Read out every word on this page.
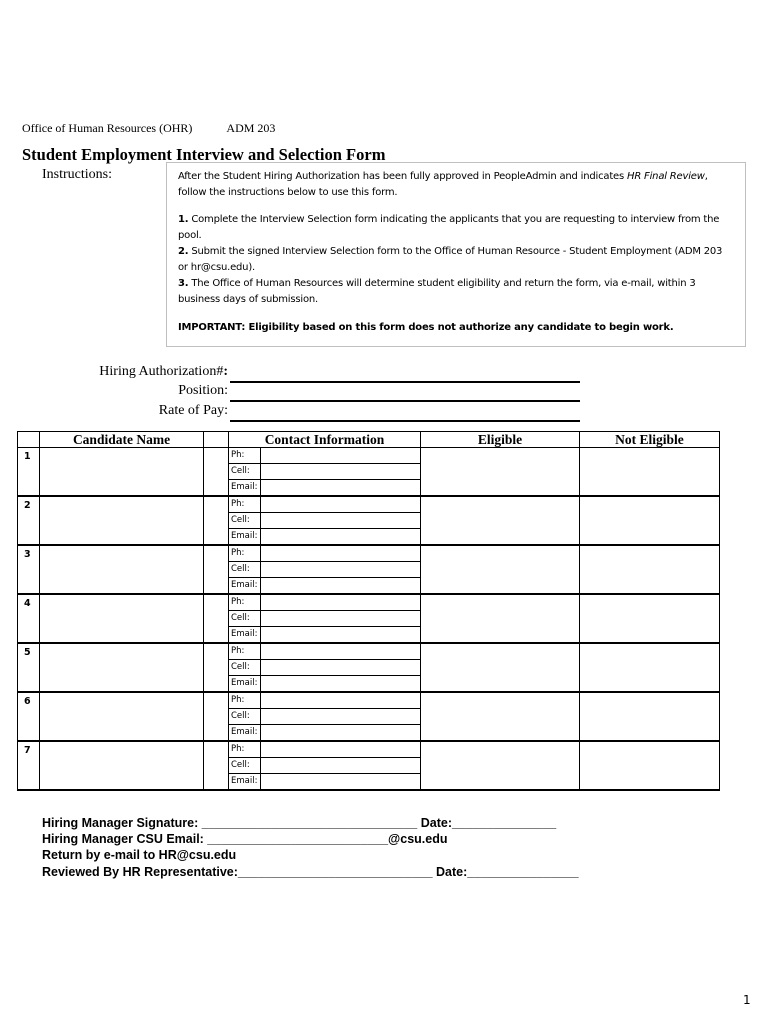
Office of Human Resources (OHR)	ADM 203
Student Employment Interview and Selection Form
Instructions:	After the Student Hiring Authorization has been fully approved in PeopleAdmin and indicates HR Final Review, follow the instructions below to use this form.

1. Complete the Interview Selection form indicating the applicants that you are requesting to interview from the pool.

2. Submit the signed Interview Selection form to the Office of Human Resource - Student Employment (ADM 203 or hr@csu.edu).

3. The Office of Human Resources will determine student eligibility and return the form, via e-mail, within 3 business days of submission.

IMPORTANT: Eligibility based on this form does not authorize any candidate to begin work.

Hiring Authorization#:
Position:
Rate of Pay:
	Candidate Name		Contact Information		Eligible	Not Eligible
1			Ph:			
			Cell:			
			Email:			
2			Ph:			
			Cell:			
			Email:			
3			Ph:			
			Cell:			
			Email:			
4			Ph:			
			Cell:			
			Email:			
5			Ph:			
			Cell:			
			Email:			
6			Ph:			
			Cell:			
			Email:			
7			Ph:			
			Cell:			
			Email:			
Hiring Manager Signature: _______________________________ Date:_______________
Hiring Manager CSU Email: __________________________@csu.edu
Return by e-mail to HR@csu.edu
Reviewed By HR Representative:____________________________ Date:________________
1
